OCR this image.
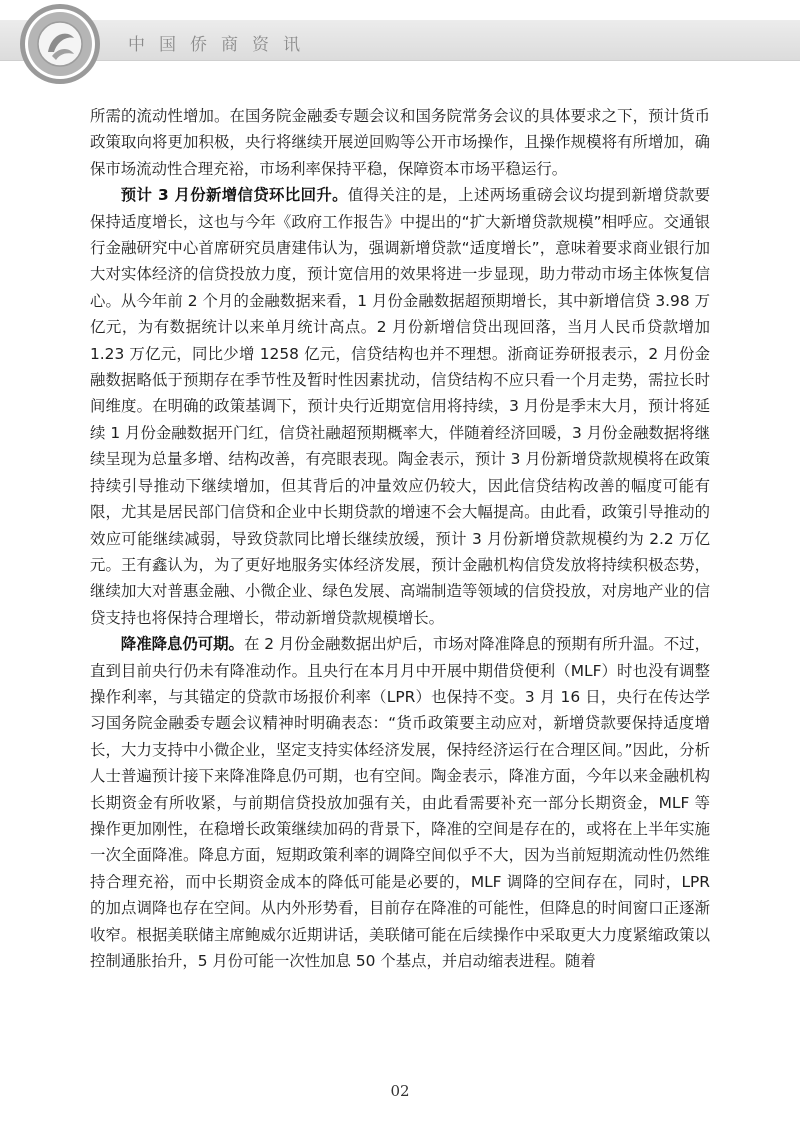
中国侨商资讯

所需的流动性增加。在国务院金融委专题会议和国务院常务会议的具体要求之下，预计货币政策取向将更加积极，央行将继续开展逆回购等公开市场操作，且操作规模将有所增加，确保市场流动性合理充裕，市场利率保持平稳，保障资本市场平稳运行。

预计 3 月份新增信贷环比回升。值得关注的是，上述两场重磅会议均提到新增贷款要保持适度增长，这也与今年《政府工作报告》中提出的“扩大新增贷款规模”相呼应。交通银行金融研究中心首席研究员唐建伟认为，强调新增贷款“适度增长”，意味着要求商业银行加大对实体经济的信贷投放力度，预计宽信用的效果将进一步显现，助力带动市场主体恢复信心。从今年前 2 个月的金融数据来看，1 月份金融数据超预期增长，其中新增信贷 3.98 万亿元，为有数据统计以来单月统计高点。2 月份新增信贷出现回落，当月人民币贷款增加 1.23 万亿元，同比少增 1258 亿元，信贷结构也并不理想。浙商证券研报表示，2 月份金融数据略低于预期存在季节性及暂时性因素扰动，信贷结构不应只看一个月走势，需拉长时间维度。在明确的政策基调下，预计央行近期宽信用将持续，3 月份是季末大月，预计将延续 1 月份金融数据开门红，信贷社融超预期概率大，伴随着经济回暖，3 月份金融数据将继续呈现为总量多增、结构改善，有亮眼表现。陶金表示，预计 3 月份新增贷款规模将在政策持续引导推动下继续增加，但其背后的冲量效应仍较大，因此信贷结构改善的幅度可能有限，尤其是居民部门信贷和企业中长期贷款的增速不会大幅提高。由此看，政策引导推动的效应可能继续减弱，导致贷款同比增长继续放缓，预计 3 月份新增贷款规模约为 2.2 万亿元。王有鑫认为，为了更好地服务实体经济发展，预计金融机构信贷发放将持续积极态势，继续加大对普惠金融、小微企业、绿色发展、高端制造等领域的信贷投放，对房地产业的信贷支持也将保持合理增长，带动新增贷款规模增长。

降准降息仍可期。在 2 月份金融数据出炉后，市场对降准降息的预期有所升温。不过，直到目前央行仍未有降准动作。且央行在本月月中开展中期借贷便利（MLF）时也没有调整操作利率，与其锚定的贷款市场报价利率（LPR）也保持不变。3 月 16 日，央行在传达学习国务院金融委专题会议精神时明确表态：“货币政策要主动应对，新增贷款要保持适度增长，大力支持中小微企业，坚定支持实体经济发展，保持经济运行在合理区间。”因此，分析人士普遍预计接下来降准降息仍可期，也有空间。陶金表示，降准方面，今年以来金融机构长期资金有所收紧，与前期信贷投放加强有关，由此看需要补充一部分长期资金，MLF 等操作更加刚性，在稳增长政策继续加码的背景下，降准的空间是存在的，或将在上半年实施一次全面降准。降息方面，短期政策利率的调降空间似乎不大，因为当前短期流动性仍然维持合理充裕，而中长期资金成本的降低可能是必要的，MLF 调降的空间存在，同时，LPR 的加点调降也存在空间。从内外形势看，目前存在降准的可能性，但降息的时间窗口正逐渐收窄。根据美联储主席鲍威尔近期讲话，美联储可能在后续操作中采取更大力度紧缩政策以控制通胀抬升，5 月份可能一次性加息 50 个基点，并启动缩表进程。随着

02
